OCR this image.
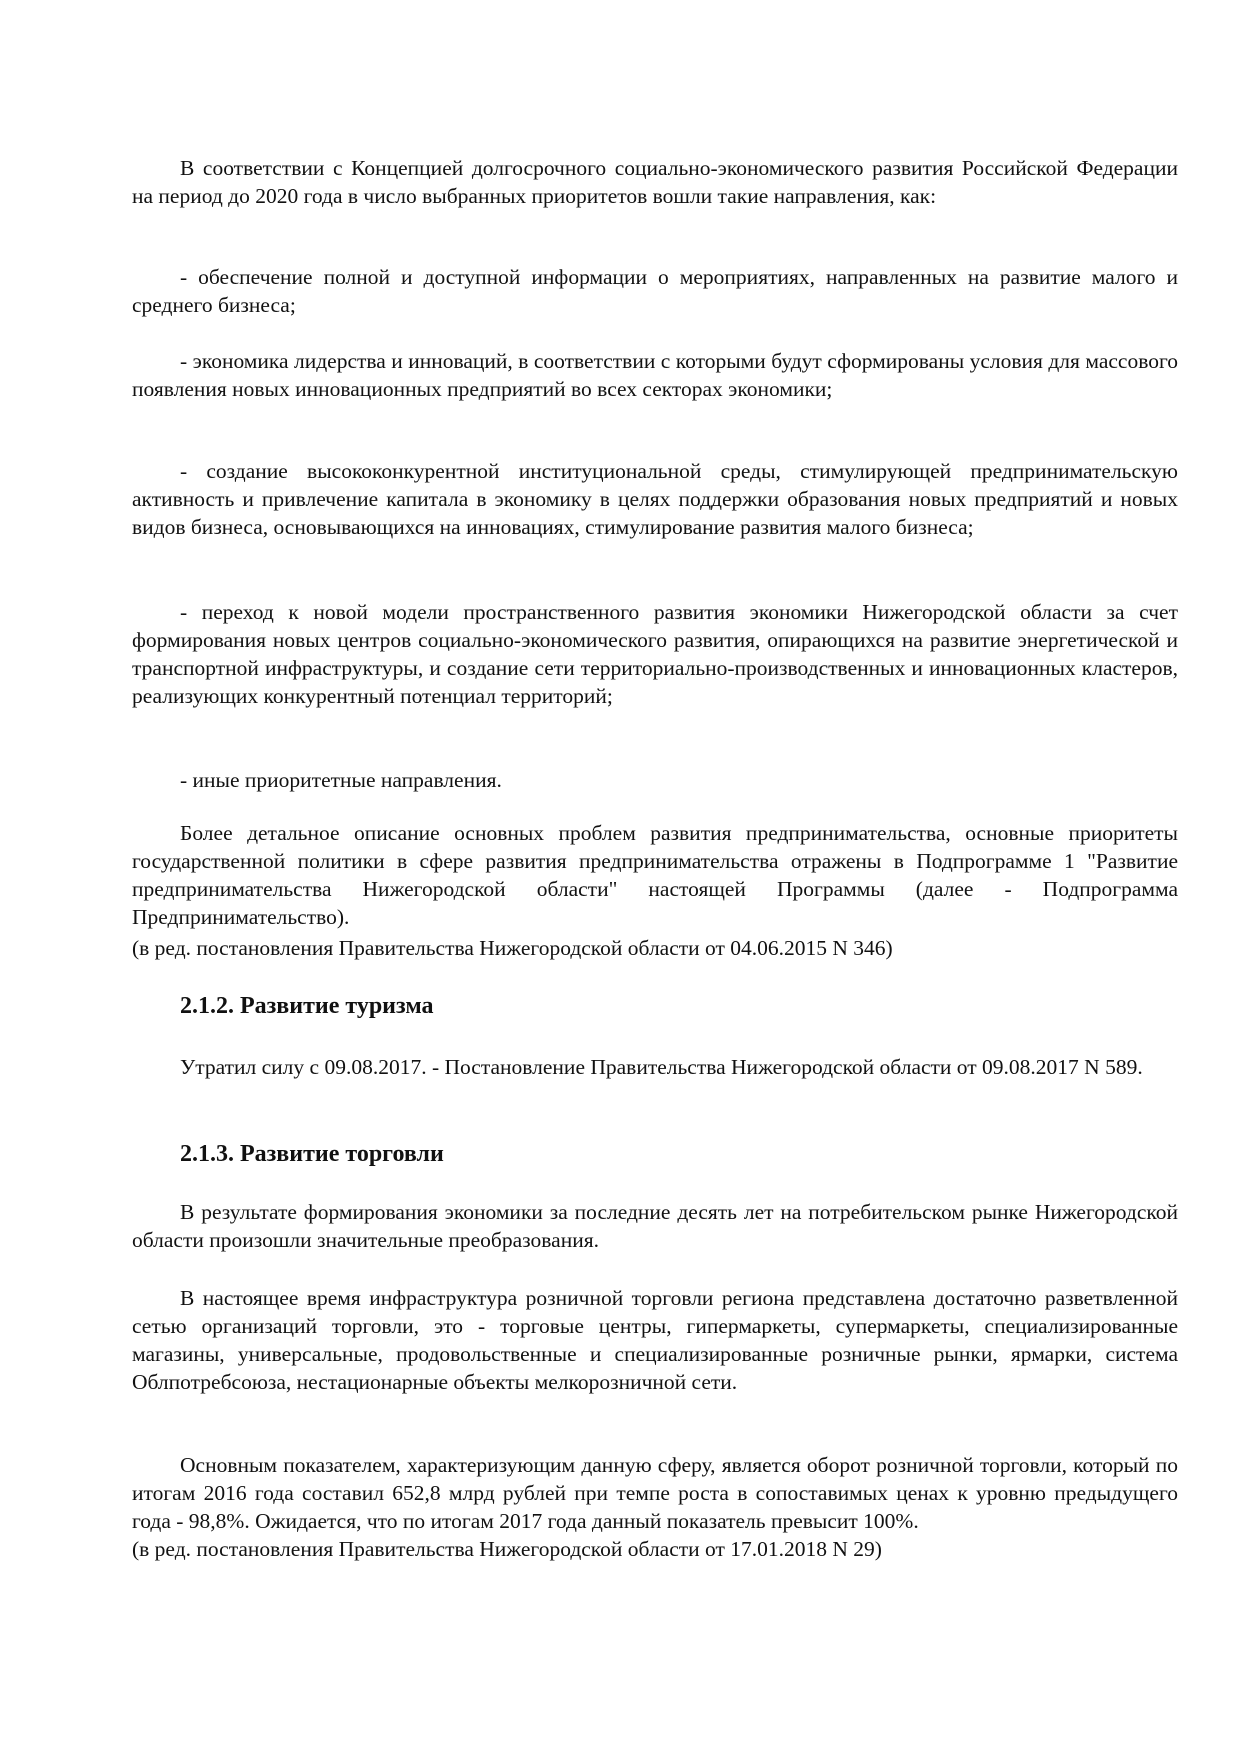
В соответствии с Концепцией долгосрочного социально-экономического развития Российской Федерации на период до 2020 года в число выбранных приоритетов вошли такие направления, как:

- обеспечение полной и доступной информации о мероприятиях, направленных на развитие малого и среднего бизнеса;

- экономика лидерства и инноваций, в соответствии с которыми будут сформированы условия для массового появления новых инновационных предприятий во всех секторах экономики;

- создание высококонкурентной институциональной среды, стимулирующей предпринимательскую активность и привлечение капитала в экономику в целях поддержки образования новых предприятий и новых видов бизнеса, основывающихся на инновациях, стимулирование развития малого бизнеса;

- переход к новой модели пространственного развития экономики Нижегородской области за счет формирования новых центров социально-экономического развития, опирающихся на развитие энергетической и транспортной инфраструктуры, и создание сети территориально-производственных и инновационных кластеров, реализующих конкурентный потенциал территорий;

- иные приоритетные направления.

Более детальное описание основных проблем развития предпринимательства, основные приоритеты государственной политики в сфере развития предпринимательства отражены в Подпрограмме 1 "Развитие предпринимательства Нижегородской области" настоящей Программы (далее - Подпрограмма Предпринимательство).

(в ред. постановления Правительства Нижегородской области от 04.06.2015 N 346)

2.1.2. Развитие туризма

Утратил силу с 09.08.2017. - Постановление Правительства Нижегородской области от 09.08.2017 N 589.

2.1.3. Развитие торговли

В результате формирования экономики за последние десять лет на потребительском рынке Нижегородской области произошли значительные преобразования.

В настоящее время инфраструктура розничной торговли региона представлена достаточно разветвленной сетью организаций торговли, это - торговые центры, гипермаркеты, супермаркеты, специализированные магазины, универсальные, продовольственные и специализированные розничные рынки, ярмарки, система Облпотребсоюза, нестационарные объекты мелкорозничной сети.

Основным показателем, характеризующим данную сферу, является оборот розничной торговли, который по итогам 2016 года составил 652,8 млрд рублей при темпе роста в сопоставимых ценах к уровню предыдущего года - 98,8%. Ожидается, что по итогам 2017 года данный показатель превысит 100%.

(в ред. постановления Правительства Нижегородской области от 17.01.2018 N 29)
